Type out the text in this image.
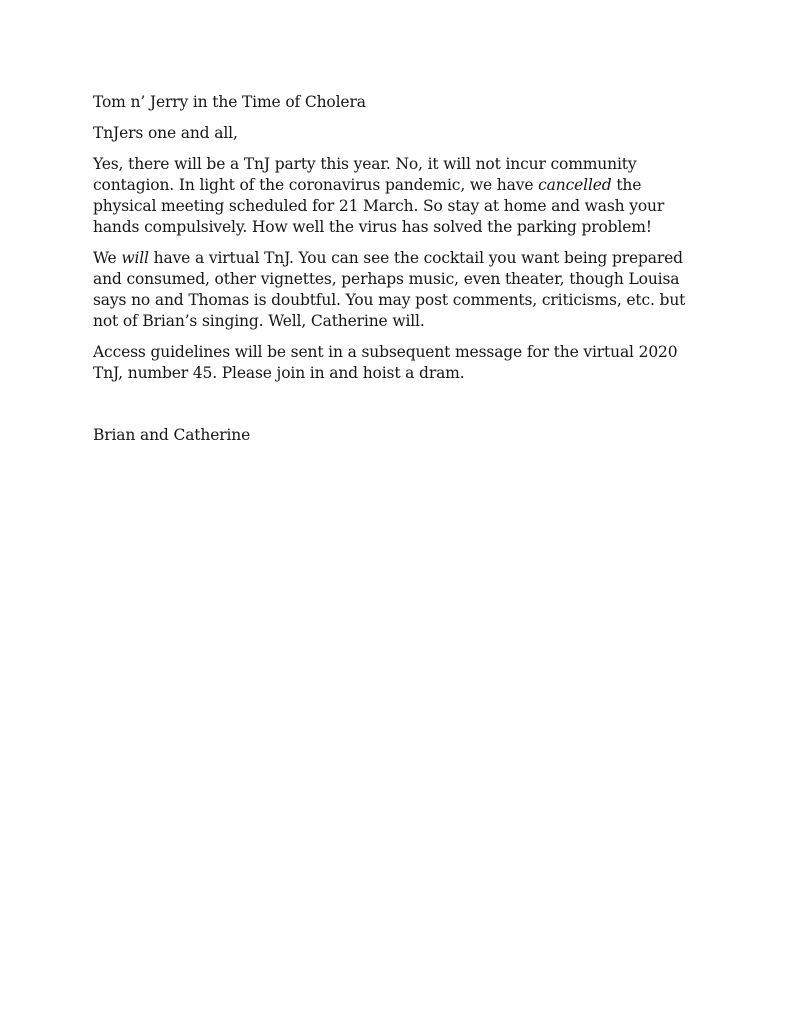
Tom n’ Jerry in the Time of Cholera

TnJers one and all,

Yes, there will be a TnJ party this year. No, it will not incur community contagion. In light of the coronavirus pandemic, we have cancelled the physical meeting scheduled for 21 March. So stay at home and wash your hands compulsively. How well the virus has solved the parking problem!

We will have a virtual TnJ. You can see the cocktail you want being prepared and consumed, other vignettes, perhaps music, even theater, though Louisa says no and Thomas is doubtful. You may post comments, criticisms, etc. but not of Brian’s singing. Well, Catherine will.

Access guidelines will be sent in a subsequent message for the virtual 2020 TnJ, number 45. Please join in and hoist a dram.

Brian and Catherine
